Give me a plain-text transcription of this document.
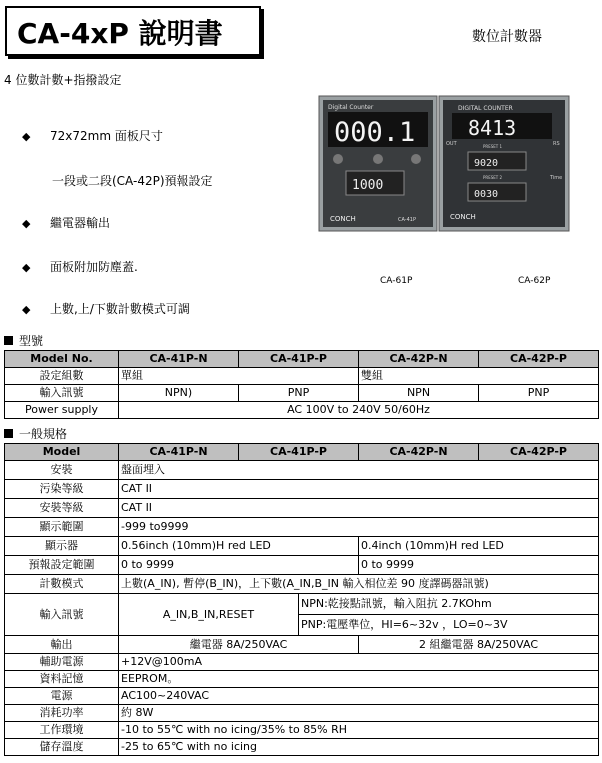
CA-4xP 說明書	數位計數器
4 位數計數+指撥設定
◆ 72x72mm 面板尺寸
一段或二段(CA-42P)預報設定
◆ 繼電器輸出
◆ 面板附加防塵蓋.
◆ 上數,上/下數計數模式可調
Digital Counter
000.1
1000
CONCH	CA-41P
DIGITAL COUNTER
8413
OUT	RS
PRESET 1
9020
PRESET 2	Time
0030
CONCH
CA-61P	CA-62P
型號
Model No.	CA-41P-N	CA-41P-P	CA-42P-N	CA-42P-P
設定組數	單組		雙組	
輸入訊號	NPN)	PNP	NPN	PNP
Power supply	AC 100V to 240V 50/60Hz			
一般規格
Model	CA-41P-N	CA-41P-P		CA-42P-N	CA-42P-P
安裝	盤面埋入				
污染等級	CAT II				
安裝等級	CAT II				
顯示範圍	-999 to9999				
顯示器	0.56inch (10mm)H red LED			0.4inch (10mm)H red LED	
預報設定範圍	0 to 9999			0 to 9999	
計數模式	上數(A_IN), 暫停(B_IN)，上下數(A_IN,B_IN 輸入相位差 90 度譯碼器訊號)				
輸入訊號	A_IN,B_IN,RESET		NPN:乾接點訊號，輸入阻抗 2.7KOhm		
			PNP:電壓準位，HI=6~32v ，LO=0~3V		
輸出	繼電器 8A/250VAC			2 組繼電器 8A/250VAC	
輔助電源	+12V@100mA				
資料記憶	EEPROM。				
電源	AC100~240VAC				
消耗功率	約 8W				
工作環境	-10 to 55℃ with no icing/35% to 85% RH				
儲存溫度	-25 to 65℃ with no icing				
